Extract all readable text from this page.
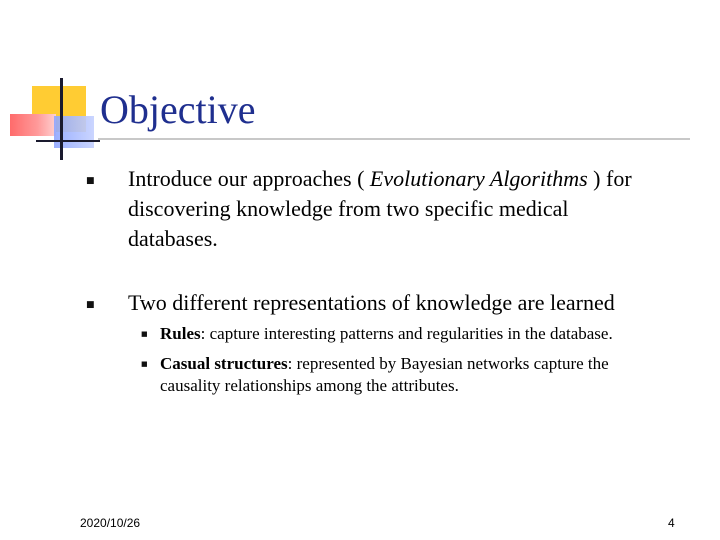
Objective
■ Introduce our approaches ( Evolutionary Algorithms ) for
discovering knowledge from two specific medical
databases.
■ Two different representations of knowledge are learned
■ Rules: capture interesting patterns and regularities in the database.
■ Casual structures: represented by Bayesian networks capture the
causality relationships among the attributes.
2020/10/26	4
